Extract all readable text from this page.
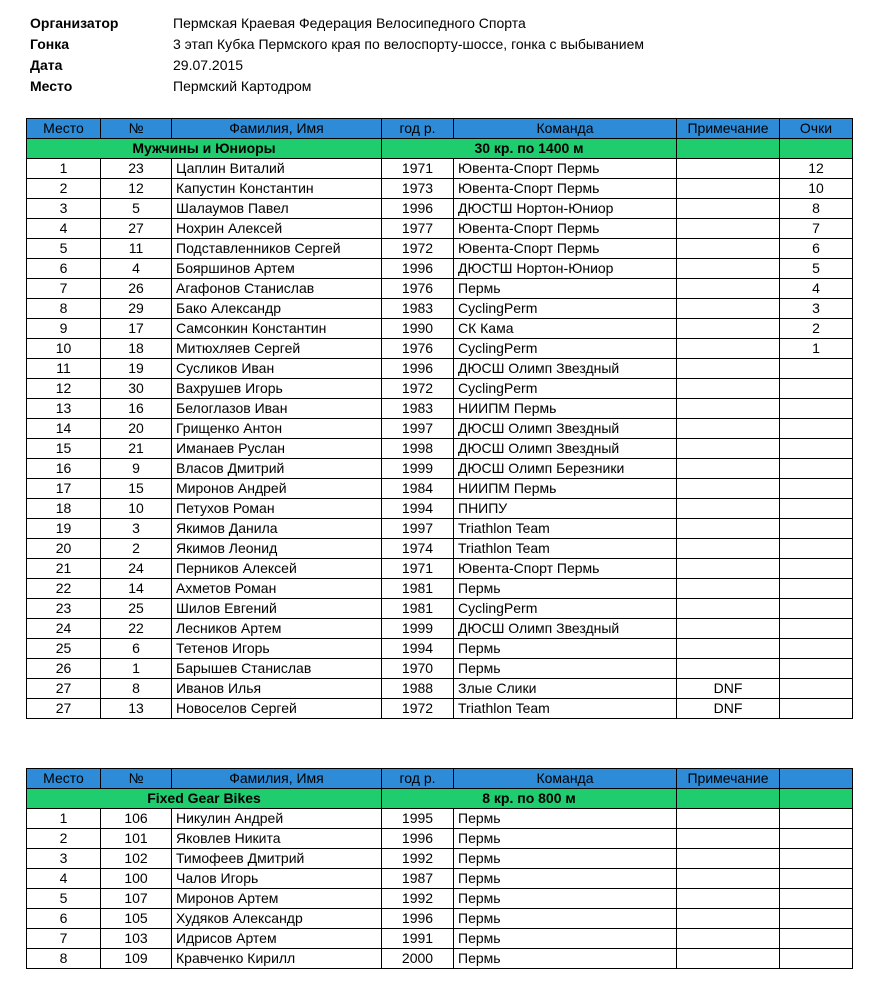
Организатор	Пермская Краевая Федерация Велосипедного Спорта
Гонка	3 этап Кубка Пермского края по велоспорту-шоссе, гонка с выбыванием
Дата	29.07.2015
Место	Пермский Картодром
Место	№	Фамилия, Имя	год р.	Команда	Примечание	Очки
Мужчины и Юниоры			30 кр. по 1400 м			
1	23	Цаплин Виталий	1971	Ювента-Спорт Пермь		12
2	12	Капустин Константин	1973	Ювента-Спорт Пермь		10
3	5	Шалаумов Павел	1996	ДЮСТШ Нортон-Юниор		8
4	27	Нохрин Алексей	1977	Ювента-Спорт Пермь		7
5	11	Подставленников Сергей	1972	Ювента-Спорт Пермь		6
6	4	Бояршинов Артем	1996	ДЮСТШ Нортон-Юниор		5
7	26	Агафонов Станислав	1976	Пермь		4
8	29	Бако Александр	1983	CyclingPerm		3
9	17	Самсонкин Константин	1990	СК Кама		2
10	18	Митюхляев Сергей	1976	CyclingPerm		1
11	19	Сусликов Иван	1996	ДЮСШ Олимп Звездный		
12	30	Вахрушев Игорь	1972	CyclingPerm		
13	16	Белоглазов Иван	1983	НИИПМ Пермь		
14	20	Грищенко Антон	1997	ДЮСШ Олимп Звездный		
15	21	Иманаев Руслан	1998	ДЮСШ Олимп Звездный		
16	9	Власов Дмитрий	1999	ДЮСШ Олимп Березники		
17	15	Миронов Андрей	1984	НИИПМ Пермь		
18	10	Петухов Роман	1994	ПНИПУ		
19	3	Якимов Данила	1997	Triathlon Team		
20	2	Якимов Леонид	1974	Triathlon Team		
21	24	Перников Алексей	1971	Ювента-Спорт Пермь		
22	14	Ахметов Роман	1981	Пермь		
23	25	Шилов Евгений	1981	CyclingPerm		
24	22	Лесников Артем	1999	ДЮСШ Олимп Звездный		
25	6	Тетенов Игорь	1994	Пермь		
26	1	Барышев Станислав	1970	Пермь		
27	8	Иванов Илья	1988	Злые Слики	DNF	
27	13	Новоселов Сергей	1972	Triathlon Team	DNF	
Место	№	Фамилия, Имя	год р.	Команда	Примечание	
Fixed Gear Bikes			8 кр. по 800 м			
1	106	Никулин Андрей	1995	Пермь		
2	101	Яковлев Никита	1996	Пермь		
3	102	Тимофеев Дмитрий	1992	Пермь		
4	100	Чалов Игорь	1987	Пермь		
5	107	Миронов Артем	1992	Пермь		
6	105	Худяков Александр	1996	Пермь		
7	103	Идрисов Артем	1991	Пермь		
8	109	Кравченко Кирилл	2000	Пермь		
